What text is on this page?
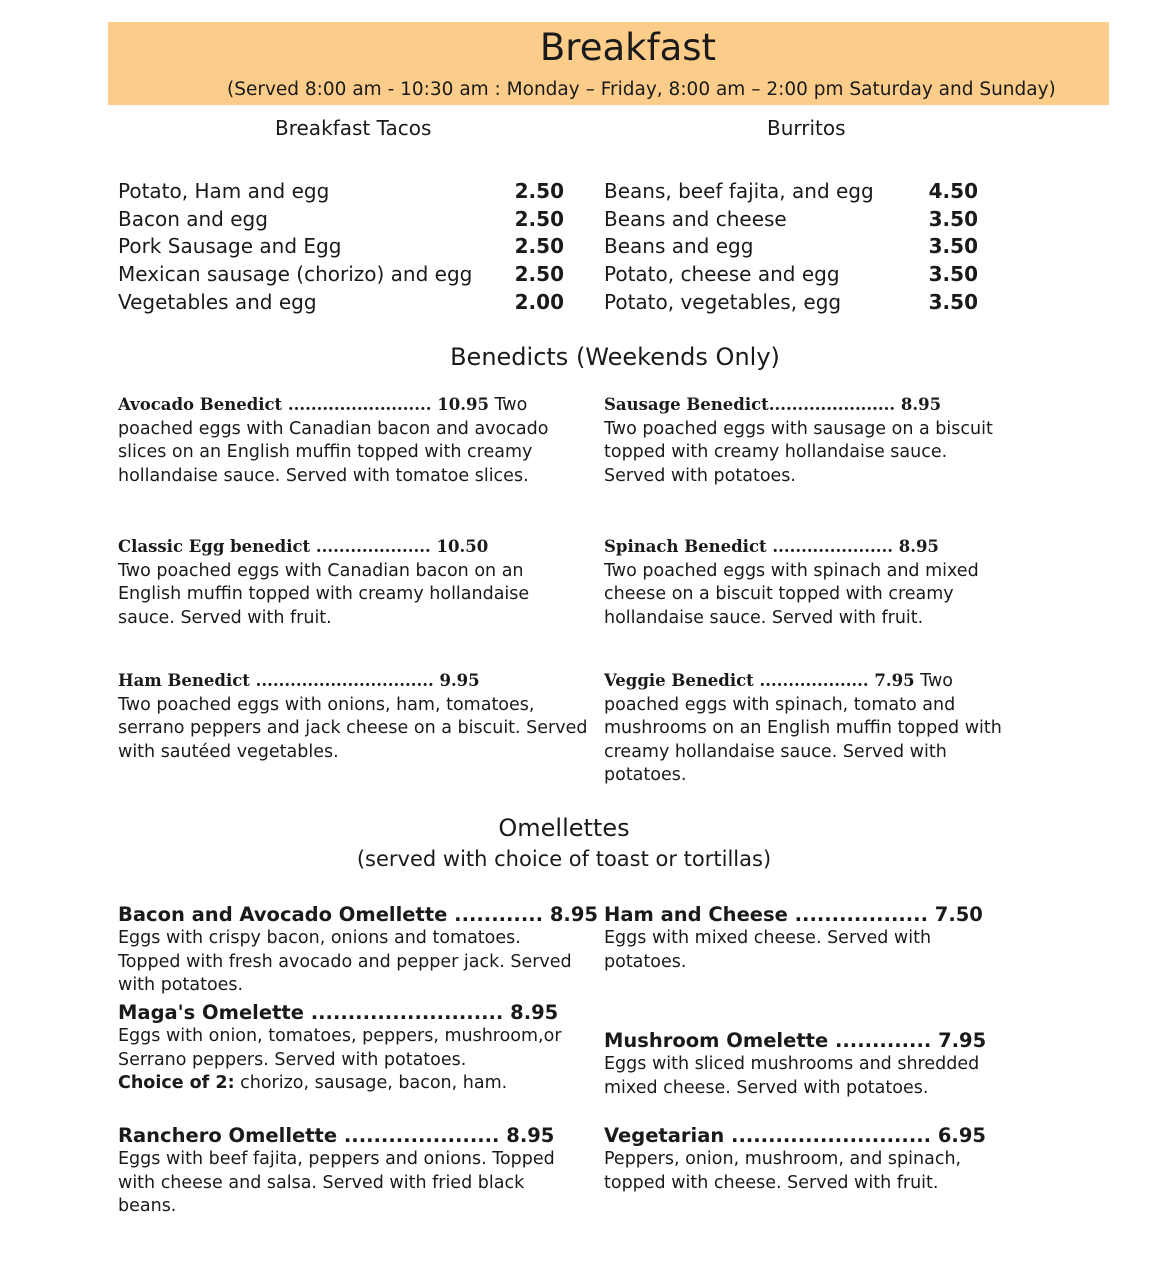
Breakfast
(Served 8:00 am - 10:30 am : Monday – Friday, 8:00 am – 2:00 pm Saturday and Sunday)
Breakfast Tacos	Burritos
Potato, Ham and egg	2.50
Bacon and egg	2.50
Pork Sausage and Egg	2.50
Mexican sausage (chorizo) and egg	2.50
Vegetables and egg	2.00
Beans, beef fajita, and egg	4.50
Beans and cheese	3.50
Beans and egg	3.50
Potato, cheese and egg	3.50
Potato, vegetables, egg	3.50
Benedicts (Weekends Only)
Avocado Benedict ......................... 10.95 Two poached eggs with Canadian bacon and avocado slices on an English muffin topped with creamy hollandaise sauce. Served with tomatoe slices.
Sausage Benedict...................... 8.95
Two poached eggs with sausage on a biscuit topped with creamy hollandaise sauce. Served with potatoes.
Classic Egg benedict .................... 10.50
Two poached eggs with Canadian bacon on an English muffin topped with creamy hollandaise sauce. Served with fruit.
Spinach Benedict ..................... 8.95
Two poached eggs with spinach and mixed cheese on a biscuit topped with creamy hollandaise sauce. Served with fruit.
Ham Benedict ............................... 9.95
Two poached eggs with onions, ham, tomatoes, serrano peppers and jack cheese on a biscuit. Served with sautéed vegetables.
Veggie Benedict ................... 7.95 Two poached eggs with spinach, tomato and mushrooms on an English muffin topped with creamy hollandaise sauce. Served with potatoes.
Omellettes
(served with choice of toast or tortillas)
Bacon and Avocado Omellette ............ 8.95
Eggs with crispy bacon, onions and tomatoes. Topped with fresh avocado and pepper jack. Served with potatoes.
Ham and Cheese .................. 7.50
Eggs with mixed cheese. Served with potatoes.
Maga's Omelette .......................... 8.95
Eggs with onion, tomatoes, peppers, mushroom,or Serrano peppers. Served with potatoes.
Choice of 2: chorizo, sausage, bacon, ham.
Mushroom Omelette ............. 7.95
Eggs with sliced mushrooms and shredded mixed cheese. Served with potatoes.
Ranchero Omellette ..................... 8.95
Eggs with beef fajita, peppers and onions. Topped with cheese and salsa. Served with fried black beans.
Vegetarian ........................... 6.95
Peppers, onion, mushroom, and spinach, topped with cheese. Served with fruit.
